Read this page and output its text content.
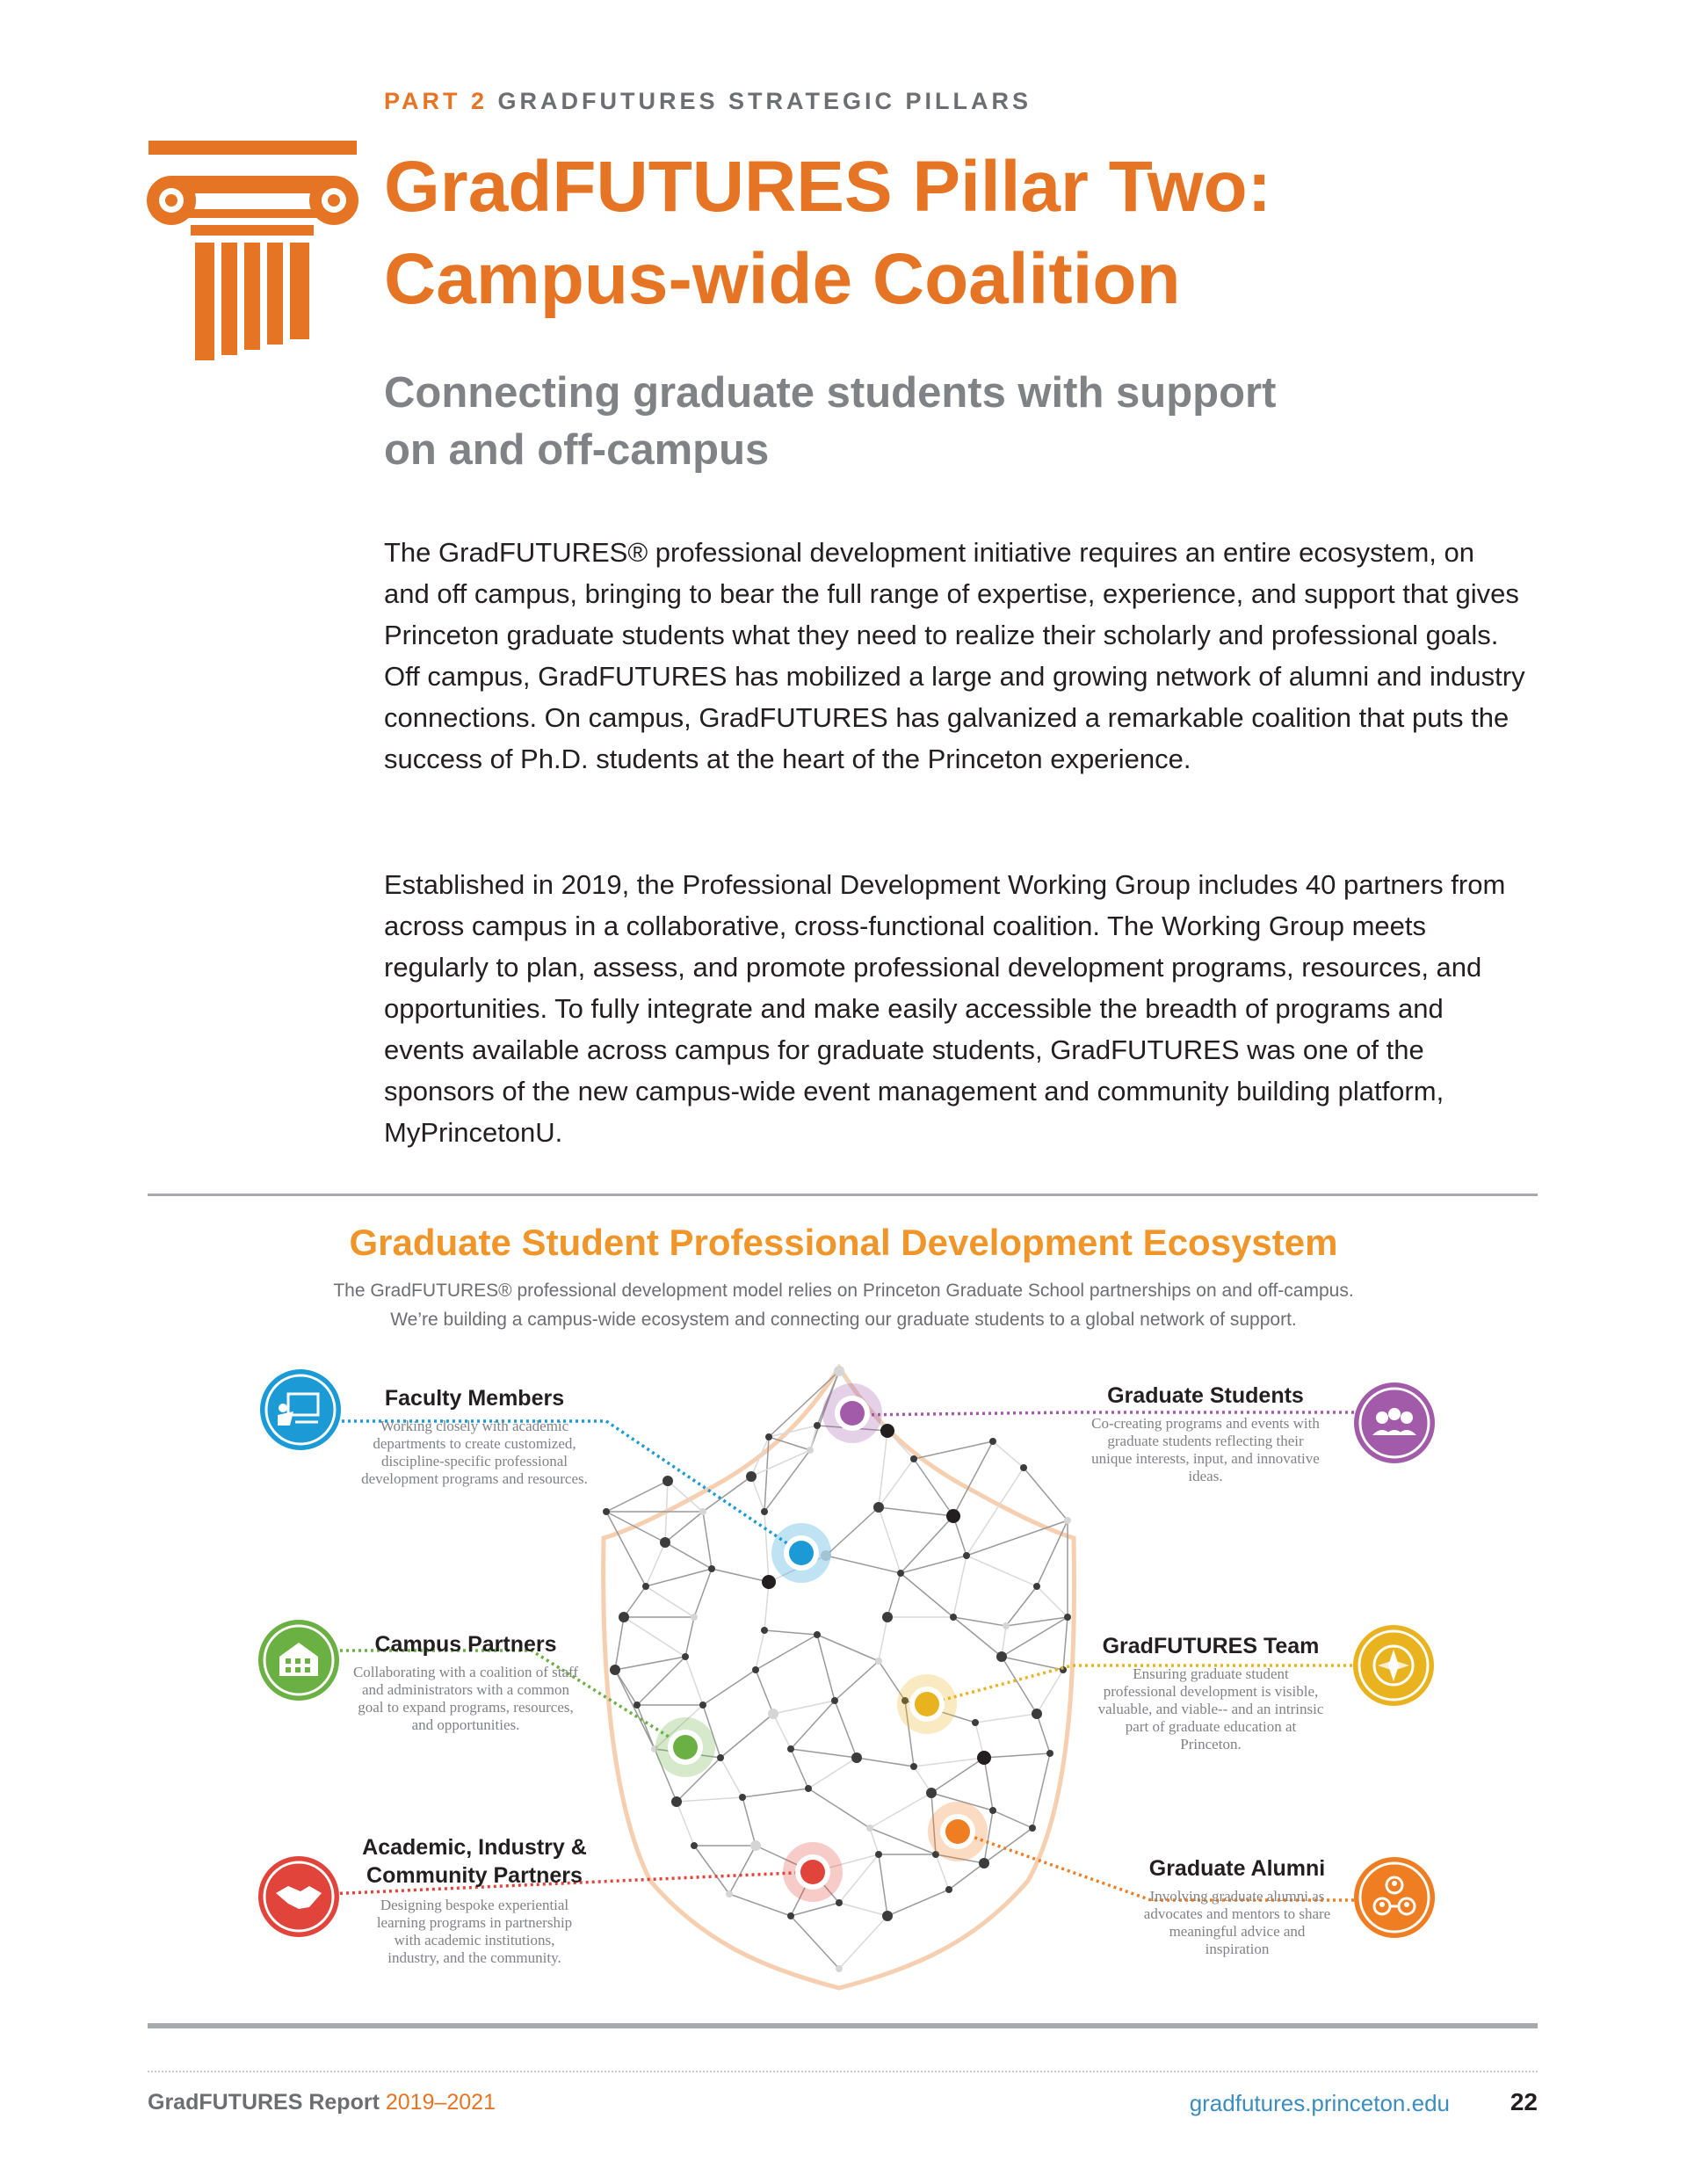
PART 2 GRADFUTURES STRATEGIC PILLARS
GradFUTURES Pillar Two:
Campus-wide Coalition
Connecting graduate students with support
on and off-campus

The GradFUTURES® professional development initiative requires an entire ecosystem, on and off campus, bringing to bear the full range of expertise, experience, and support that gives Princeton graduate students what they need to realize their scholarly and professional goals. Off campus, GradFUTURES has mobilized a large and growing network of alumni and industry connections. On campus, GradFUTURES has galvanized a remarkable coalition that puts the success of Ph.D. students at the heart of the Princeton experience.

Established in 2019, the Professional Development Working Group includes 40 partners from across campus in a collaborative, cross-functional coalition. The Working Group meets regularly to plan, assess, and promote professional development programs, resources, and opportunities. To fully integrate and make easily accessible the breadth of programs and events available across campus for graduate students, GradFUTURES was one of the sponsors of the new campus-wide event management and community building platform, MyPrincetonU.

Graduate Student Professional Development Ecosystem
The GradFUTURES® professional development model relies on Princeton Graduate School partnerships on and off-campus.
We’re building a campus-wide ecosystem and connecting our graduate students to a global network of support.
Faculty Members
Working closely with academic departments to create customized, discipline-specific professional development programs and resources.
Campus Partners
Collaborating with a coalition of staff and administrators with a common goal to expand programs, resources, and opportunities.
Academic, Industry & Community Partners
Designing bespoke experiential learning programs in partnership with academic institutions, industry, and the community.
Graduate Students
Co-creating programs and events with graduate students reflecting their unique interests, input, and innovative ideas.
GradFUTURES Team
Ensuring graduate student professional development is visible, valuable, and viable-- and an intrinsic part of graduate education at Princeton.
Graduate Alumni
Involving graduate alumni as advocates and mentors to share meaningful advice and inspiration
GradFUTURES Report 2019–2021	gradfutures.princeton.edu	22
